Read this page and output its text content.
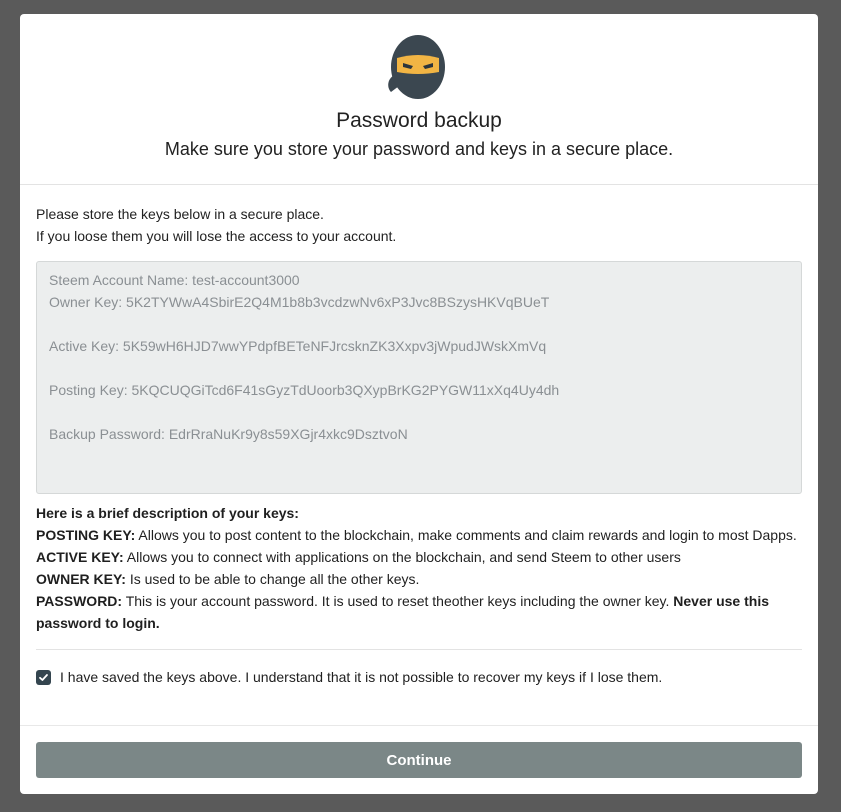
Password backup
Make sure you store your password and keys in a secure place.
Please store the keys below in a secure place.
If you loose them you will lose the access to your account.
Steem Account Name: test-account3000
Owner Key: 5K2TYWwA4SbirE2Q4M1b8b3vcdzwNv6xP3Jvc8BSzysHKVqBUeT
Active Key: 5K59wH6HJD7wwYPdpfBETeNFJrcsknZK3Xxpv3jWpudJWskXmVq
Posting Key: 5KQCUQGiTcd6F41sGyzTdUoorb3QXypBrKG2PYGW11xXq4Uy4dh
Backup Password: EdrRraNuKr9y8s59XGjr4xkc9DsztvoN
Here is a brief description of your keys:
POSTING KEY: Allows you to post content to the blockchain, make comments and claim rewards and login to most Dapps.
ACTIVE KEY: Allows you to connect with applications on the blockchain, and send Steem to other users
OWNER KEY: Is used to be able to change all the other keys.
PASSWORD: This is your account password. It is used to reset theother keys including the owner key. Never use this password to login.
I have saved the keys above. I understand that it is not possible to recover my keys if I lose them.
Continue
